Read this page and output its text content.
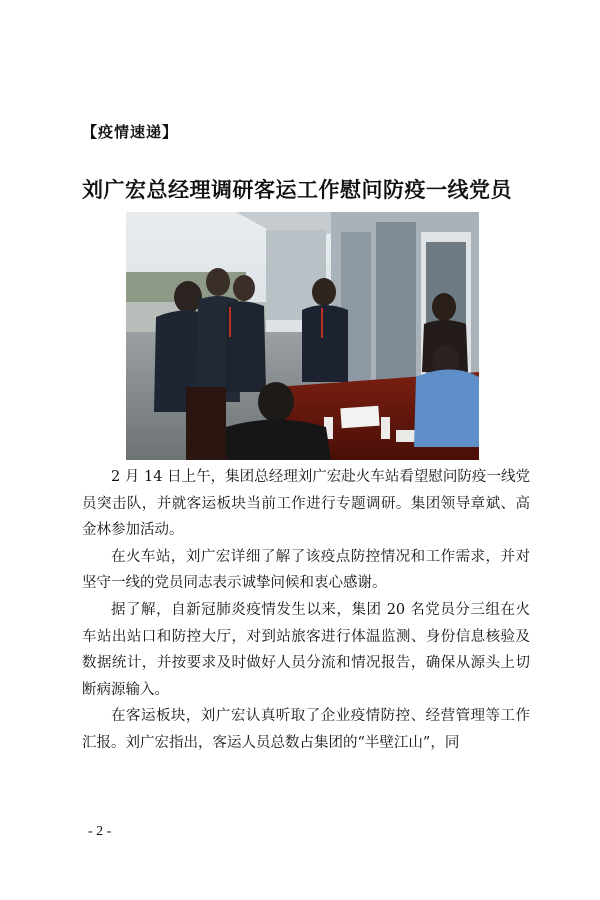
【疫情速递】
刘广宏总经理调研客运工作慰问防疫一线党员

2 月 14 日上午，集团总经理刘广宏赴火车站看望慰问防疫一线党员突击队，并就客运板块当前工作进行专题调研。集团领导章斌、高金林参加活动。

在火车站，刘广宏详细了解了该疫点防控情况和工作需求，并对坚守一线的党员同志表示诚挚问候和衷心感谢。

据了解，自新冠肺炎疫情发生以来，集团 20 名党员分三组在火车站出站口和防控大厅，对到站旅客进行体温监测、身份信息核验及数据统计，并按要求及时做好人员分流和情况报告，确保从源头上切断病源输入。

在客运板块，刘广宏认真听取了企业疫情防控、经营管理等工作汇报。刘广宏指出，客运人员总数占集团的“半壁江山”，同

- 2 -
